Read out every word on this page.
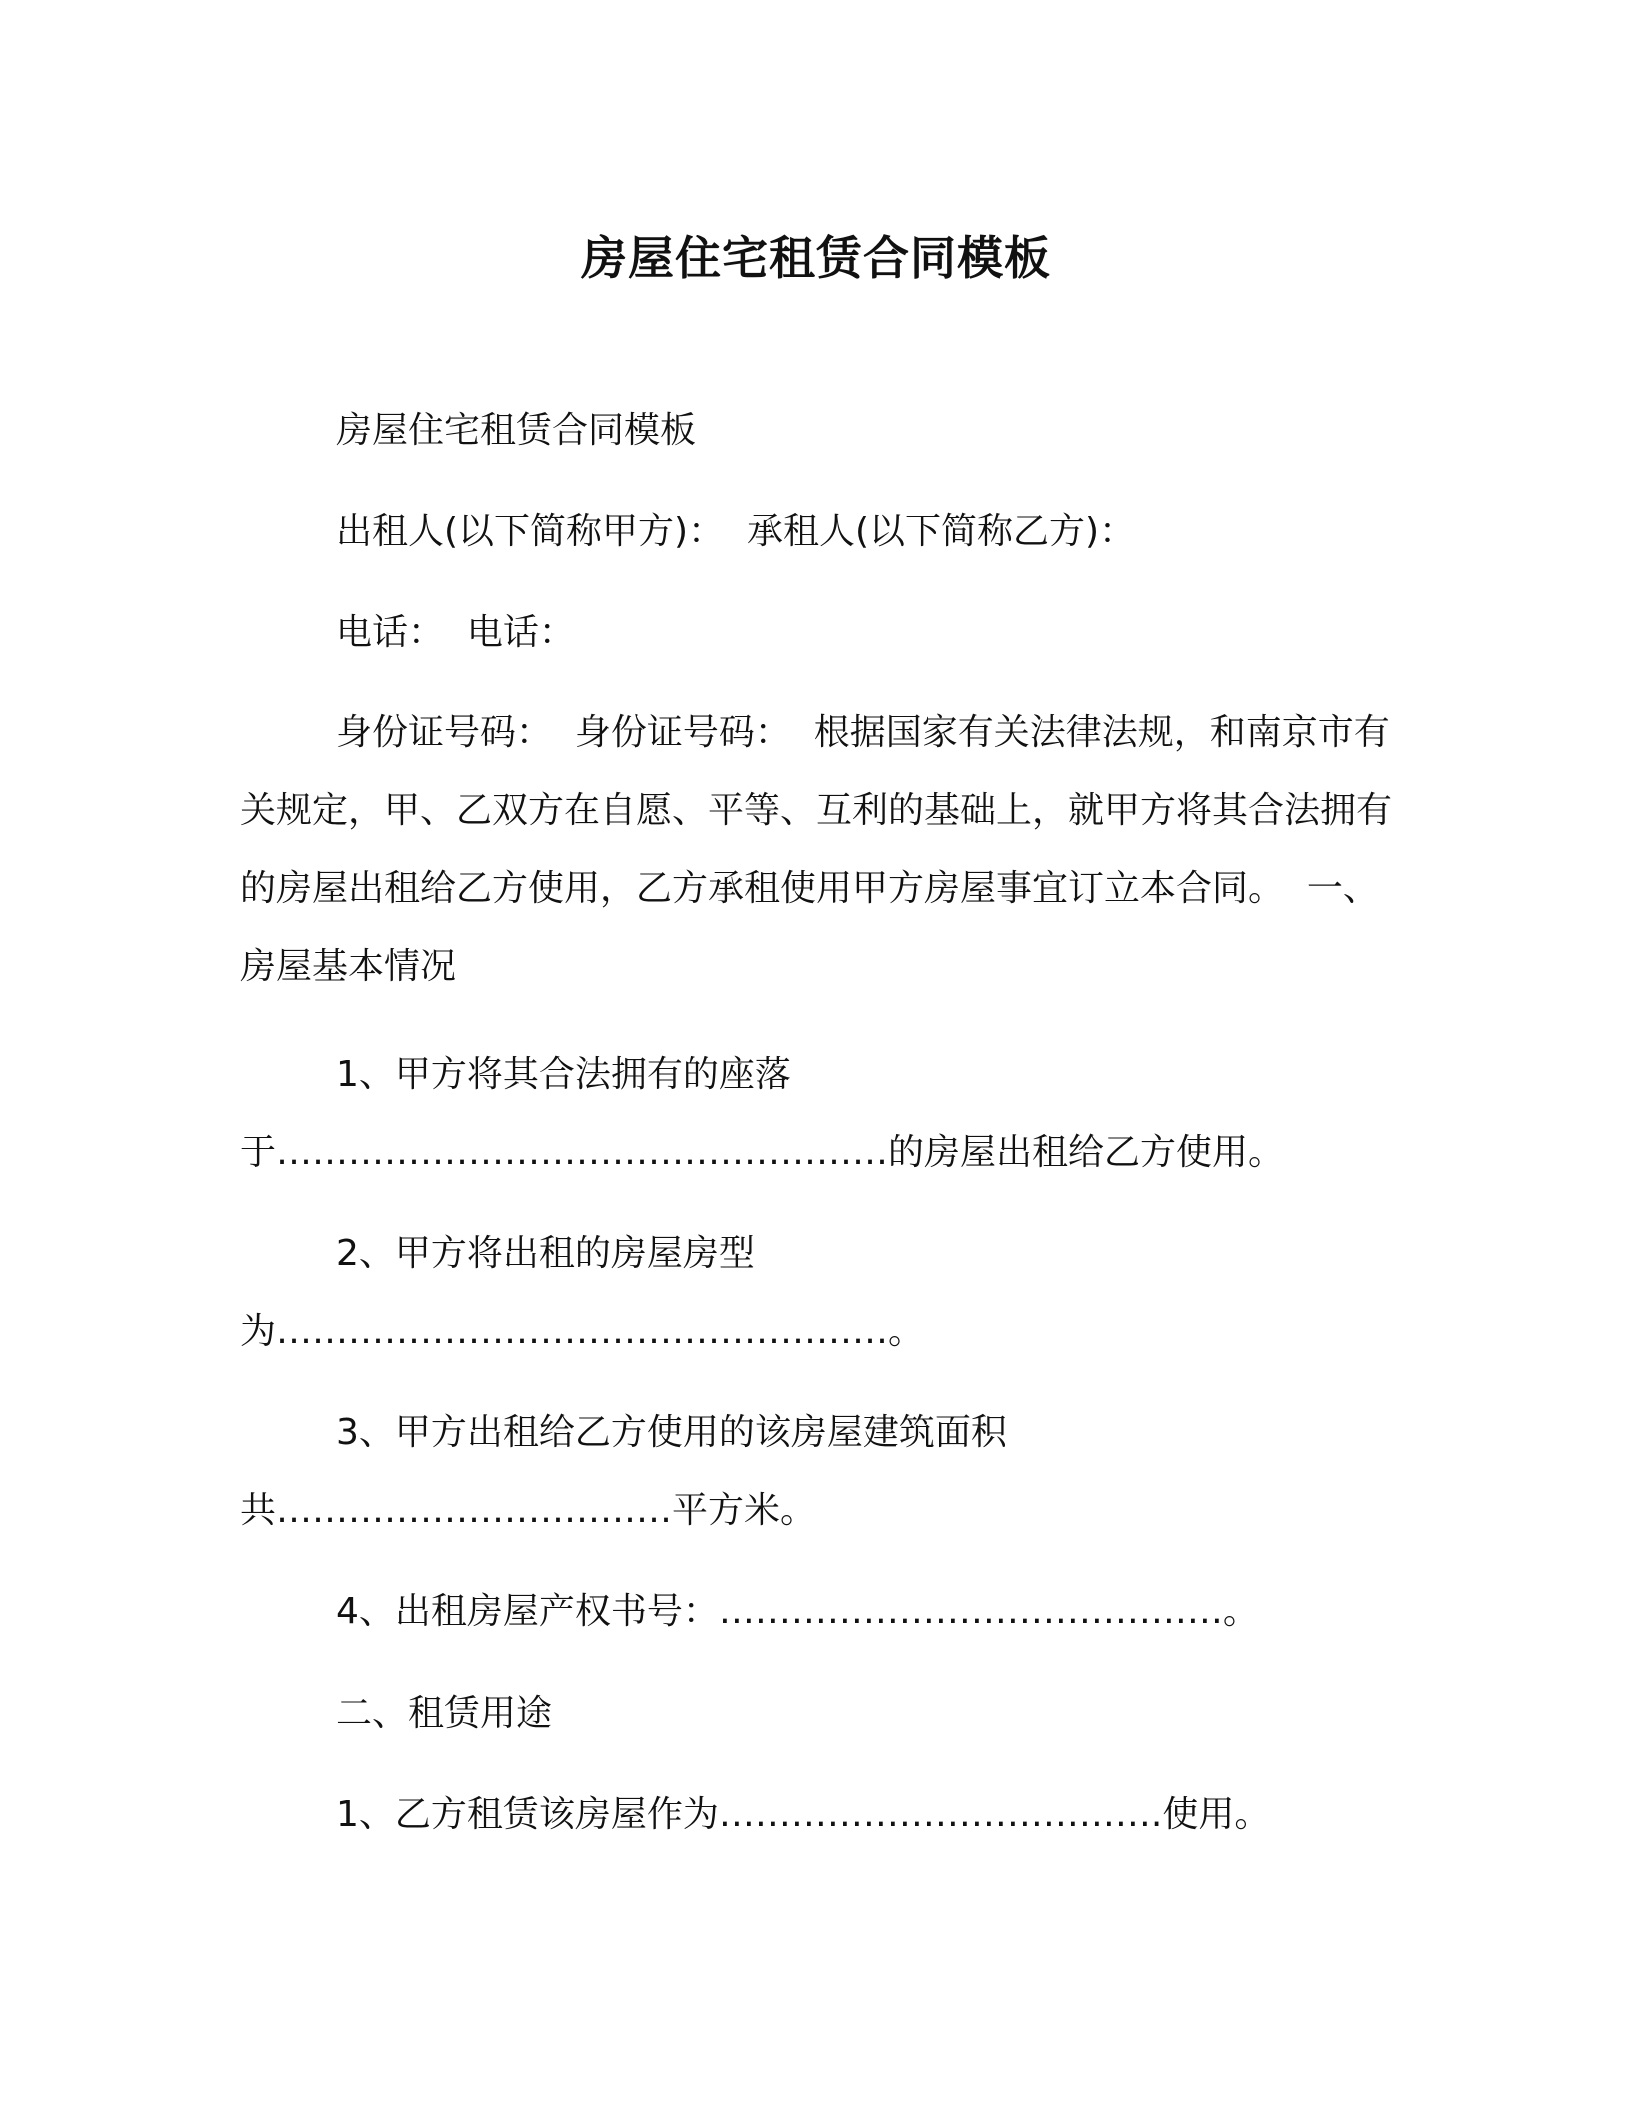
房屋住宅租赁合同模板
房屋住宅租赁合同模板
出租人(以下简称甲方)：  承租人(以下简称乙方)：
电话：  电话：
身份证号码：  身份证号码：  根据国家有关法律法规，和南京市有关规定，甲、乙双方在自愿、平等、互利的基础上，就甲方将其合法拥有的房屋出租给乙方使用，乙方承租使用甲方房屋事宜订立本合同。  一、房屋基本情况
1、甲方将其合法拥有的座落于……………………………………………的房屋出租给乙方使用。
2、甲方将出租的房屋房型为……………………………………………。
3、甲方出租给乙方使用的该房屋建筑面积共……………………………平方米。
4、出租房屋产权书号：……………………………………。
二、租赁用途
1、乙方租赁该房屋作为……………………………….使用。
